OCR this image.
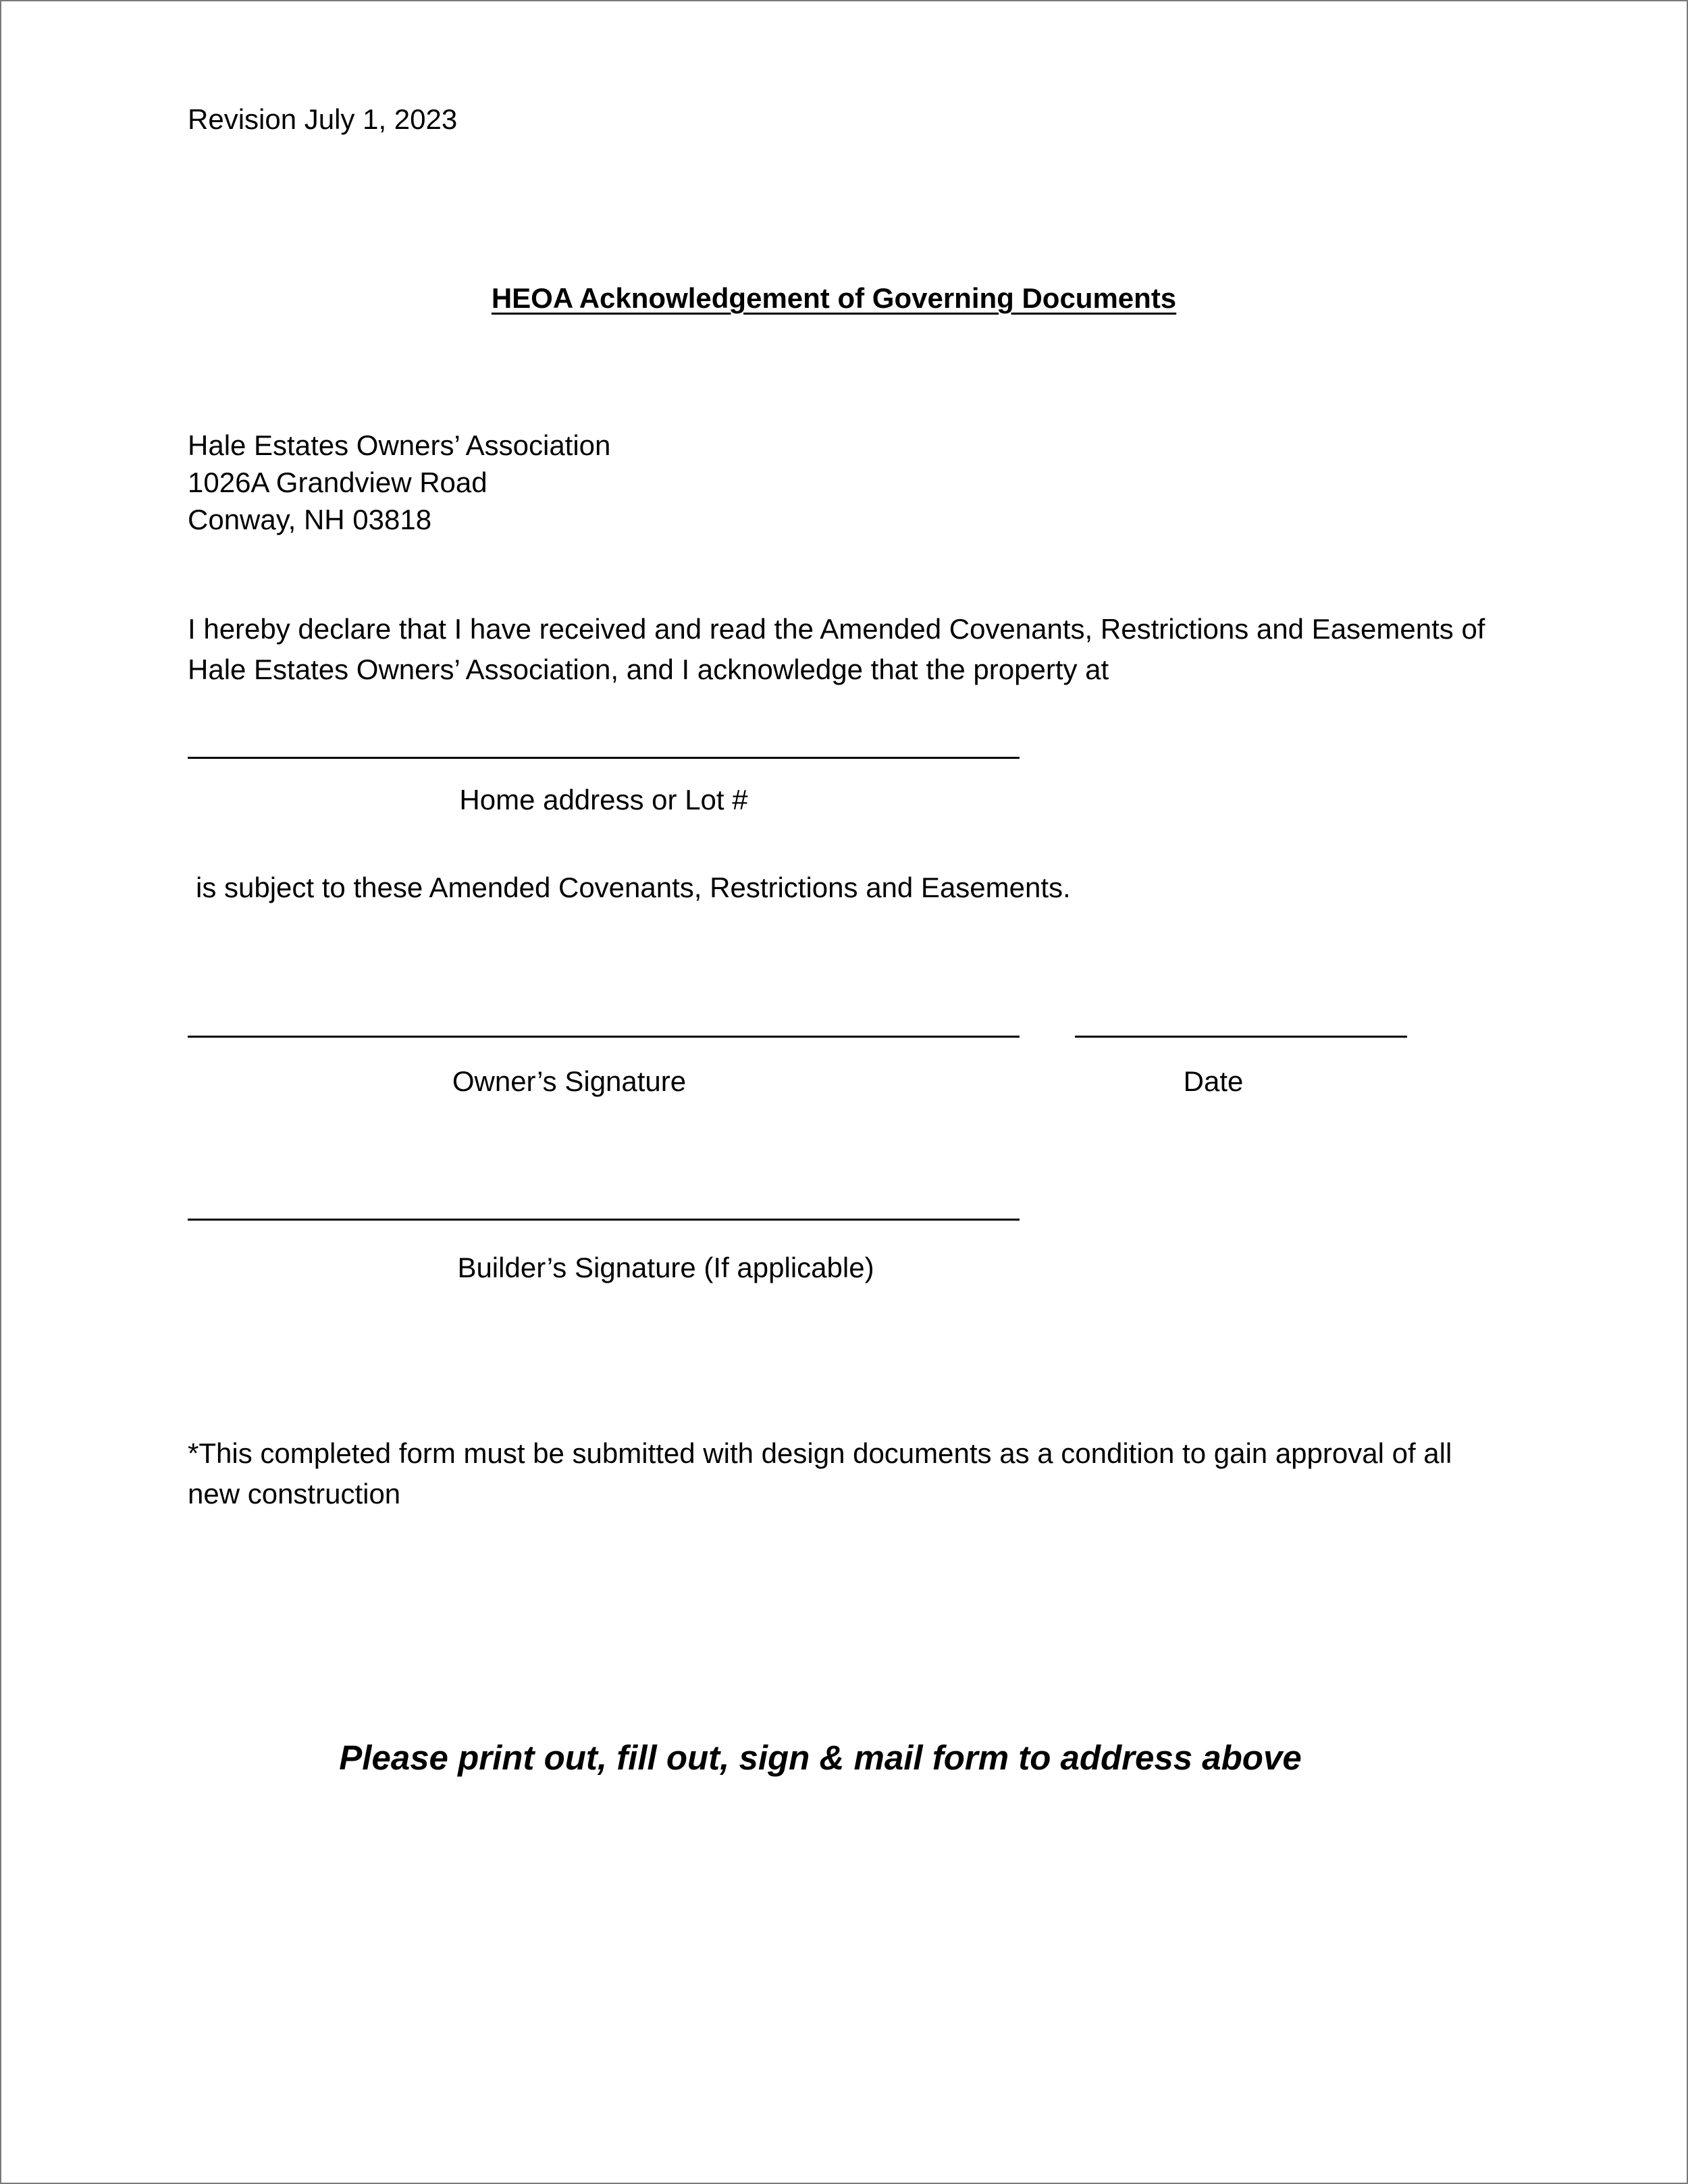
Revision July 1, 2023
HEOA Acknowledgement of Governing Documents
Hale Estates Owners’ Association
1026A Grandview Road
Conway, NH 03818
I hereby declare that I have received and read the Amended Covenants, Restrictions and Easements of
Hale Estates Owners’ Association, and I acknowledge that the property at
Home address or Lot #
is subject to these Amended Covenants, Restrictions and Easements.
Owner’s Signature	Date
Builder’s Signature (If applicable)
*This completed form must be submitted with design documents as a condition to gain approval of all
new construction
Please print out, fill out, sign & mail form to address above
